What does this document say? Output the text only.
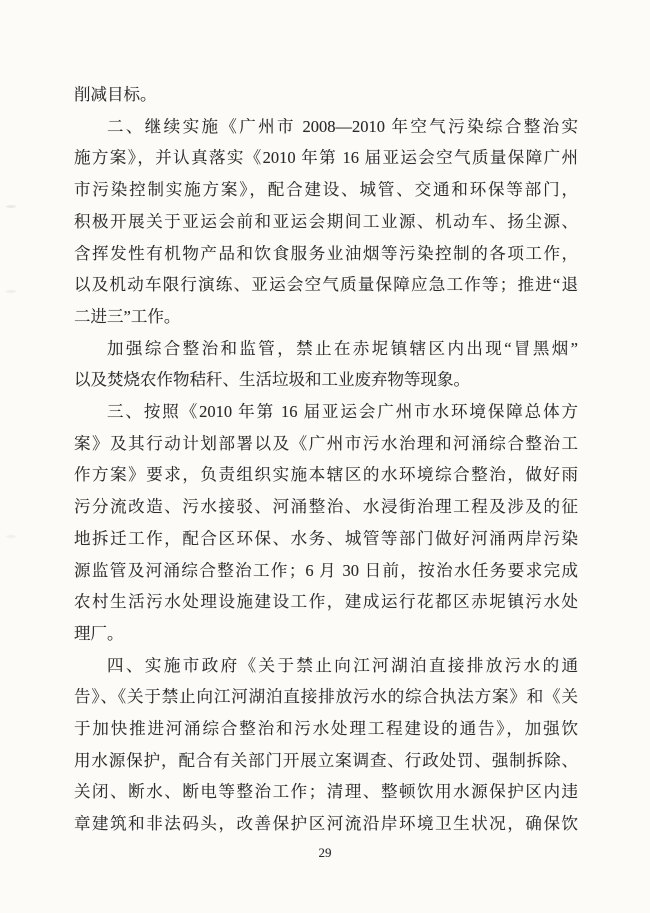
削减目标。
二、继续实施《广州市 2008—2010 年空气污染综合整治实
施方案》，并认真落实《2010 年第 16 届亚运会空气质量保障广州
市污染控制实施方案》，配合建设、城管、交通和环保等部门，
积极开展关于亚运会前和亚运会期间工业源、机动车、扬尘源、
含挥发性有机物产品和饮食服务业油烟等污染控制的各项工作，
以及机动车限行演练、亚运会空气质量保障应急工作等；推进“退
二进三”工作。
加强综合整治和监管，禁止在赤坭镇辖区内出现“冒黑烟”
以及焚烧农作物秸秆、生活垃圾和工业废弃物等现象。
三、按照《2010 年第 16 届亚运会广州市水环境保障总体方
案》及其行动计划部署以及《广州市污水治理和河涌综合整治工
作方案》要求，负责组织实施本辖区的水环境综合整治，做好雨
污分流改造、污水接驳、河涌整治、水浸街治理工程及涉及的征
地拆迁工作，配合区环保、水务、城管等部门做好河涌两岸污染
源监管及河涌综合整治工作；6 月 30 日前，按治水任务要求完成
农村生活污水处理设施建设工作，建成运行花都区赤坭镇污水处
理厂。
四、实施市政府《关于禁止向江河湖泊直接排放污水的通
告》、《关于禁止向江河湖泊直接排放污水的综合执法方案》和《关
于加快推进河涌综合整治和污水处理工程建设的通告》，加强饮
用水源保护，配合有关部门开展立案调查、行政处罚、强制拆除、
关闭、断水、断电等整治工作；清理、整顿饮用水源保护区内违
章建筑和非法码头，改善保护区河流沿岸环境卫生状况，确保饮
29
